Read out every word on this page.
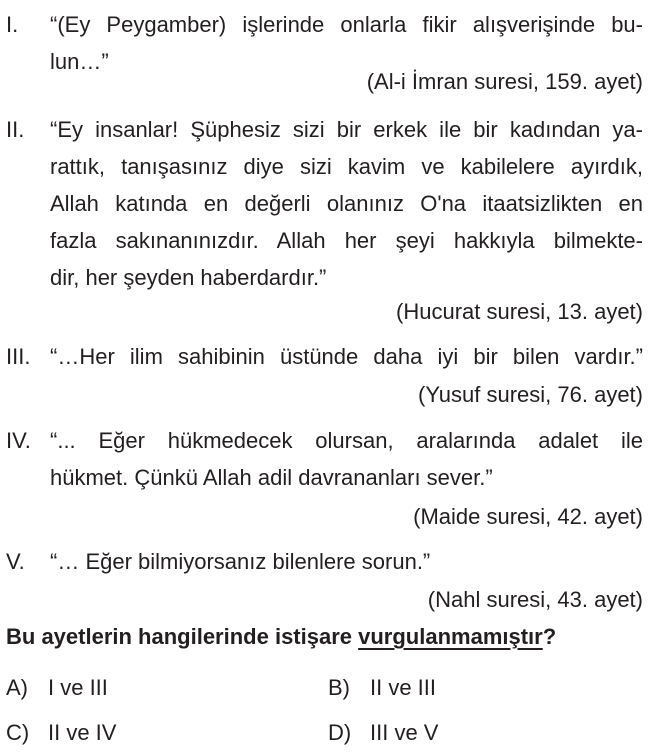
I. “(Ey Peygamber) işlerinde onlarla fikir alışverişinde bu-
lun…”
(Al-i İmran suresi, 159. ayet)
II. “Ey insanlar! Şüphesiz sizi bir erkek ile bir kadından ya-
rattık, tanışasınız diye sizi kavim ve kabilelere ayırdık,
Allah katında en değerli olanınız O'na itaatsizlikten en
fazla sakınanınızdır. Allah her şeyi hakkıyla bilmekte-
dir, her şeyden haberdardır.”
(Hucurat suresi, 13. ayet)
III. “…Her ilim sahibinin üstünde daha iyi bir bilen vardır.”
(Yusuf suresi, 76. ayet)
IV. “... Eğer hükmedecek olursan, aralarında adalet ile
hükmet. Çünkü Allah adil davrananları sever.”
(Maide suresi, 42. ayet)
V. “… Eğer bilmiyorsanız bilenlere sorun.”
(Nahl suresi, 43. ayet)
Bu ayetlerin hangilerinde istişare vurgulanmamıştır?
A) I ve III	B) II ve III
C) II ve IV	D) III ve V
